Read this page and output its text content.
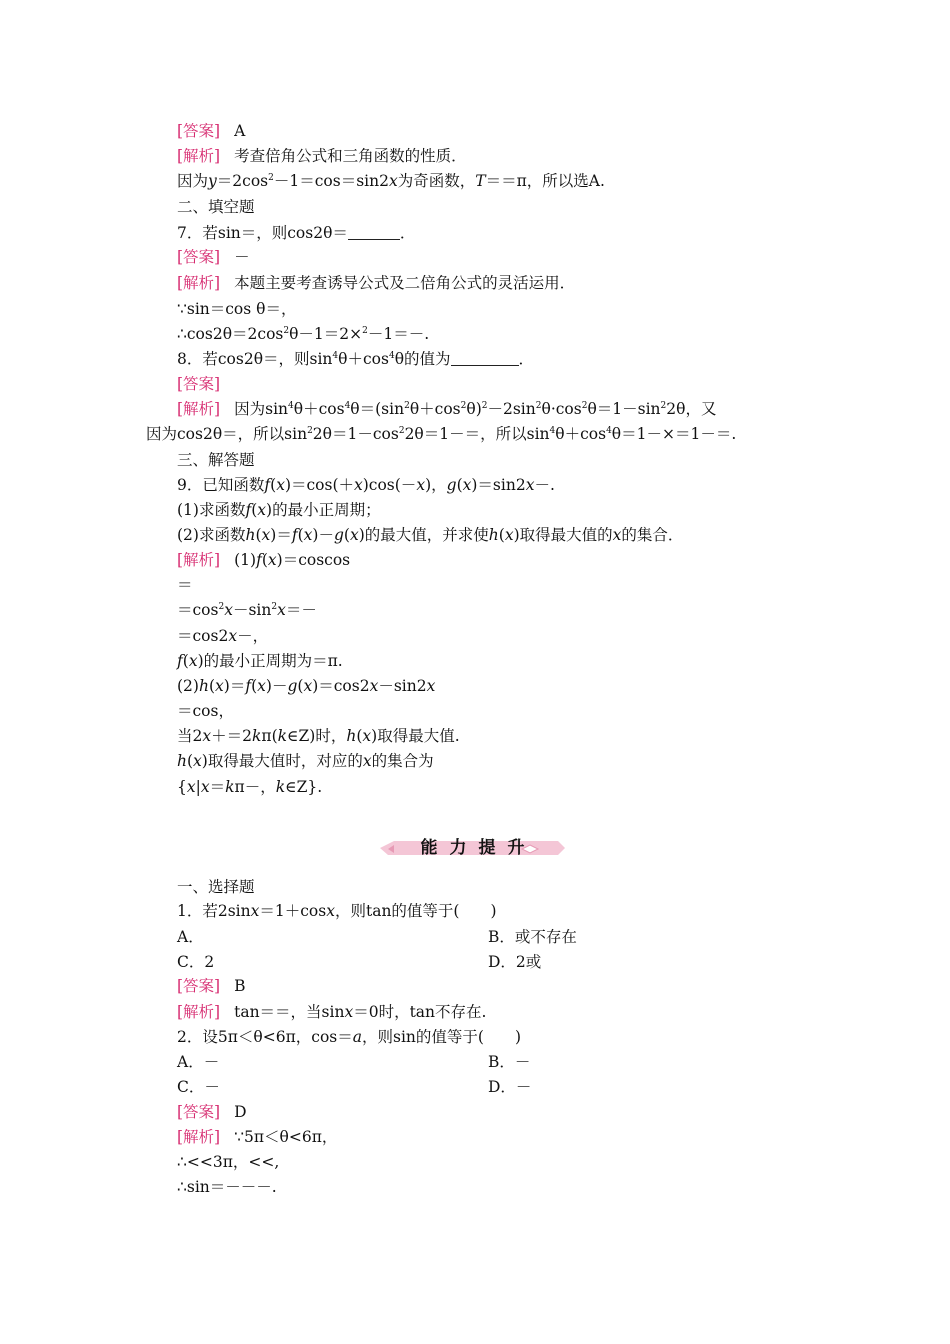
[答案] A
[解析] 考查倍角公式和三角函数的性质．
因为$y=2\cos^2-1=\cos=\sin 2x$为奇函数，T＝＝π，所以选A.
二、填空题
7．若sin＝，则cos2θ＝	．
[答案] －
[解析] 本题主要考查诱导公式及二倍角公式的灵活运用．
∵sin＝cos θ＝，
$\therefore\cos 2\theta=2\cos^2\theta-1=2\times^2-1=-$.
8．若cos2θ＝，则$\sin^4\theta+\cos^4\theta$的值为	．
[答案]
[解析] 因为$\sin^4\theta+\cos^4\theta=(\sin^2\theta+\cos^2\theta)^2-2\sin^2\theta\cdot\cos^2\theta=1-\sin^22\theta$，又
因为cos2θ＝，所以$\sin^22\theta=1-\cos^22\theta=1-=$，所以$\sin^4\theta+\cos^4\theta=1-\times=1-=$.
三、解答题
9．已知函数f(x)＝cos(＋x)cos(－x)，g(x)＝sin2x－.
(1)求函数f(x)的最小正周期；
(2)求函数h(x)＝f(x)－g(x)的最大值，并求使h(x)取得最大值的x的集合．
[解析] (1)f(x)＝coscos
＝
$=\cos^2x-\sin^2x=-$
＝cos2x－，
f(x)的最小正周期为＝π.
(2)h(x)＝f(x)－g(x)＝cos2x－sin2x
＝cos，
当2x＋＝2kπ(k∈Z)时，h(x)取得最大值.
h(x)取得最大值时，对应的x的集合为
{x|x＝kπ－，k∈Z}.
能力提升
一、选择题
1．若2sinx＝1＋cosx，则tan的值等于(　　)
A．	B．或不存在
C．2	D．2或
[答案] B
[解析] tan＝＝，当sinx＝0时，tan不存在.
2．设5π＜θ<6π，cos＝a，则sin的值等于(　　)
A．－	B．－
C．－	D．－
[答案] D
[解析] ∵5π＜θ<6π，
∴<<3π，<<,
∴sin＝－－－.
